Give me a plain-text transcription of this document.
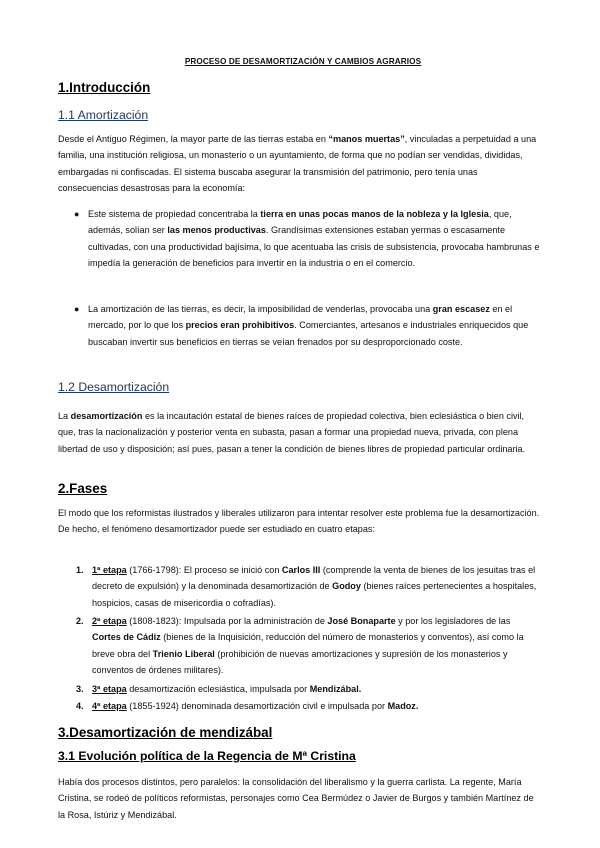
PROCESO DE DESAMORTIZACIÓN Y CAMBIOS AGRARIOS
1.Introducción
1.1 Amortización
Desde el Antiguo Régimen, la mayor parte de las tierras estaba en “manos muertas”, vinculadas a perpetuidad a una familia, una institución religiosa, un monasterio o un ayuntamiento, de forma que no podían ser vendidas, divididas, embargadas ni confiscadas. El sistema buscaba asegurar la transmisión del patrimonio, pero tenía unas consecuencias desastrosas para la economía:
● Este sistema de propiedad concentraba la tierra en unas pocas manos de la nobleza y la Iglesia, que, además, solían ser las menos productivas. Grandísimas extensiones estaban yermas o escasamente cultivadas, con una productividad bajísima, lo que acentuaba las crisis de subsistencia, provocaba hambrunas e impedía la generación de beneficios para invertir en la industria o en el comercio.
● La amortización de las tierras, es decir, la imposibilidad de venderlas, provocaba una gran escasez en el mercado, por lo que los precios eran prohibitivos. Comerciantes, artesanos e industriales enriquecidos que buscaban invertir sus beneficios en tierras se veían frenados por su desproporcionado coste.
1.2 Desamortización
La desamortización es la incautación estatal de bienes raíces de propiedad colectiva, bien eclesiástica o bien civil, que, tras la nacionalización y posterior venta en subasta, pasan a formar una propiedad nueva, privada, con plena libertad de uso y disposición; así pues, pasan a tener la condición de bienes libres de propiedad particular ordinaria.
2.Fases
El modo que los reformistas ilustrados y liberales utilizaron para intentar resolver este problema fue la desamortización. De hecho, el fenómeno desamortizador puede ser estudiado en cuatro etapas:
1. 1ª etapa (1766-1798): El proceso se inició con Carlos III (comprende la venta de bienes de los jesuitas tras el decreto de expulsión) y la denominada desamortización de Godoy (bienes raíces pertenecientes a hospitales, hospicios, casas de misericordia o cofradías).
2. 2ª etapa (1808-1823): Impulsada por la administración de José Bonaparte y por los legisladores de las Cortes de Cádiz (bienes de la Inquisición, reducción del número de monasterios y conventos), así como la breve obra del Trienio Liberal (prohibición de nuevas amortizaciones y supresión de los monasterios y conventos de órdenes militares).
3. 3ª etapa desamortización eclesiástica, impulsada por Mendizábal.
4. 4ª etapa (1855-1924) denominada desamortización civil e impulsada por Madoz.
3.Desamortización de mendizábal
3.1 Evolución política de la Regencia de Mª Cristina
Había dos procesos distintos, pero paralelos: la consolidación del liberalismo y la guerra carlista. La regente, María Cristina, se rodeó de políticos reformistas, personajes como Cea Bermúdez o Javier de Burgos y también Martínez de la Rosa, Istúriz y Mendizábal.
